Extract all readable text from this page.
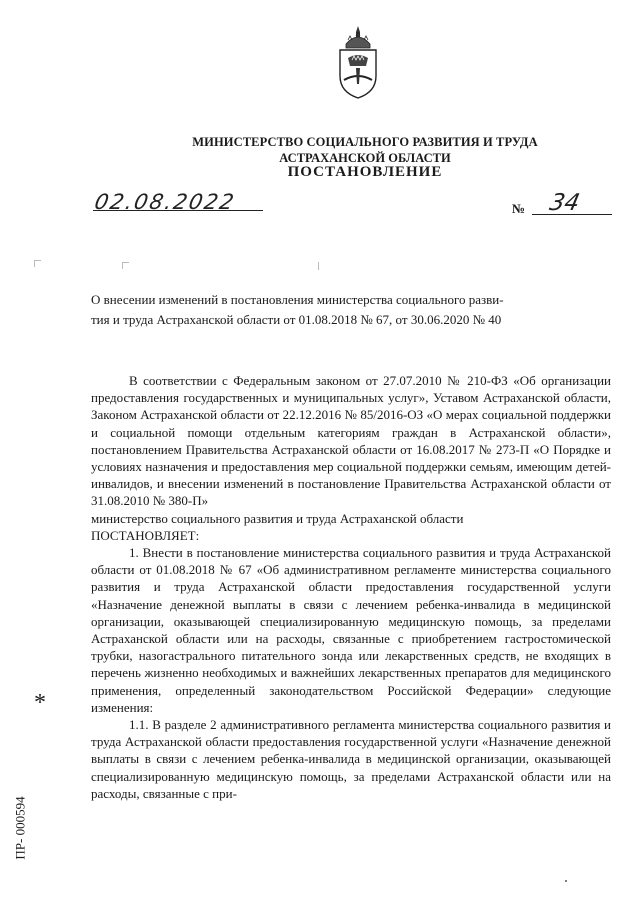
МИНИСТЕРСТВО СОЦИАЛЬНОГО РАЗВИТИЯ И ТРУДА
АСТРАХАНСКОЙ ОБЛАСТИ
ПОСТАНОВЛЕНИЕ
02.08.2022	№ 34
О внесении изменений в постановления министерства социального разви-
тия и труда Астраханской области от 01.08.2018 № 67, от 30.06.2020 № 40

В соответствии с Федеральным законом от 27.07.2010 № 210-ФЗ «Об организации предоставления государственных и муниципальных услуг», Уставом Астраханской области, Законом Астраханской области от 22.12.2016 № 85/2016-ОЗ «О мерах социальной поддержки и социальной помощи отдельным категориям граждан в Астраханской области», постановлением Правительства Астраханской области от 16.08.2017 № 273-П «О Порядке и условиях назначения и предоставления мер социальной поддержки семьям, имеющим детей-инвалидов, и внесении изменений в постановление Правительства Астраханской области от 31.08.2010 № 380-П»

министерство социального развития и труда Астраханской области

ПОСТАНОВЛЯЕТ:

1. Внести в постановление министерства социального развития и труда Астраханской области от 01.08.2018 № 67 «Об административном регламенте министерства социального развития и труда Астраханской области предоставления государственной услуги «Назначение денежной выплаты в связи с лечением ребенка-инвалида в медицинской организации, оказывающей специализированную медицинскую помощь, за пределами Астраханской области или на расходы, связанные с приобретением гастростомической трубки, назогастрального питательного зонда или лекарственных средств, не входящих в перечень жизненно необходимых и важнейших лекарственных препаратов для медицинского применения, определенный законодательством Российской Федерации» следующие изменения:

1.1. В разделе 2 административного регламента министерства социального развития и труда Астраханской области предоставления государственной услуги «Назначение денежной выплаты в связи с лечением ребенка-инвалида в медицинской организации, оказывающей специализированную медицинскую помощь, за пределами Астраханской области или на расходы, связанные с при-

*
ПР- 000594
